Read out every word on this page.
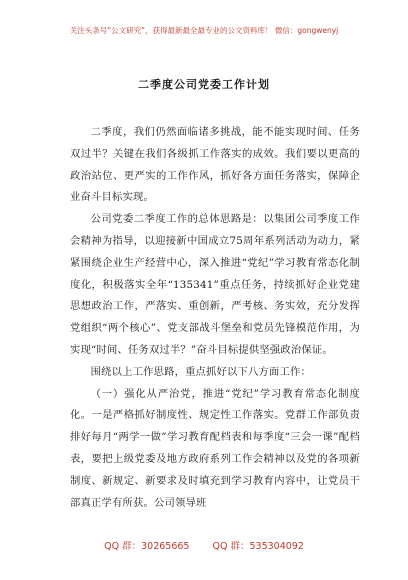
关注头条号“公文研究”，获得最新最全最专业的公文资料库！ 微信：gongwenyj
二季度公司党委工作计划

二季度，我们仍然面临诸多挑战，能不能实现时间、任务双过半？关键在我们各级抓工作落实的成效。我们要以更高的政治站位、更严实的工作作风，抓好各方面任务落实，保障企业奋斗目标实现。

公司党委二季度工作的总体思路是：以集团公司季度工作会精神为指导，以迎接新中国成立75周年系列活动为动力，紧紧围绕企业生产经营中心，深入推进“党纪”学习教育常态化制度化，积极落实全年“135341”重点任务，持续抓好企业党建思想政治工作，严落实、重创新，严考核、务实效，充分发挥党组织“两个核心”、党支部战斗堡垒和党员先锋模范作用，为实现“时间、任务双过半？”奋斗目标提供坚强政治保证。

围绕以上工作思路，重点抓好以下八方面工作：

（一）强化从严治党，推进“党纪”学习教育常态化制度化。一是严格抓好制度性、规定性工作落实。党群工作部负责排好每月“两学一做”学习教育配档表和每季度“三会一课”配档表，要把上级党委及地方政府系列工作会精神以及党的各项新制度、新规定、新要求及时填充到学习教育内容中，让党员干部真正学有所获。公司领导班

QQ 群：30265665 QQ 群：535304092
